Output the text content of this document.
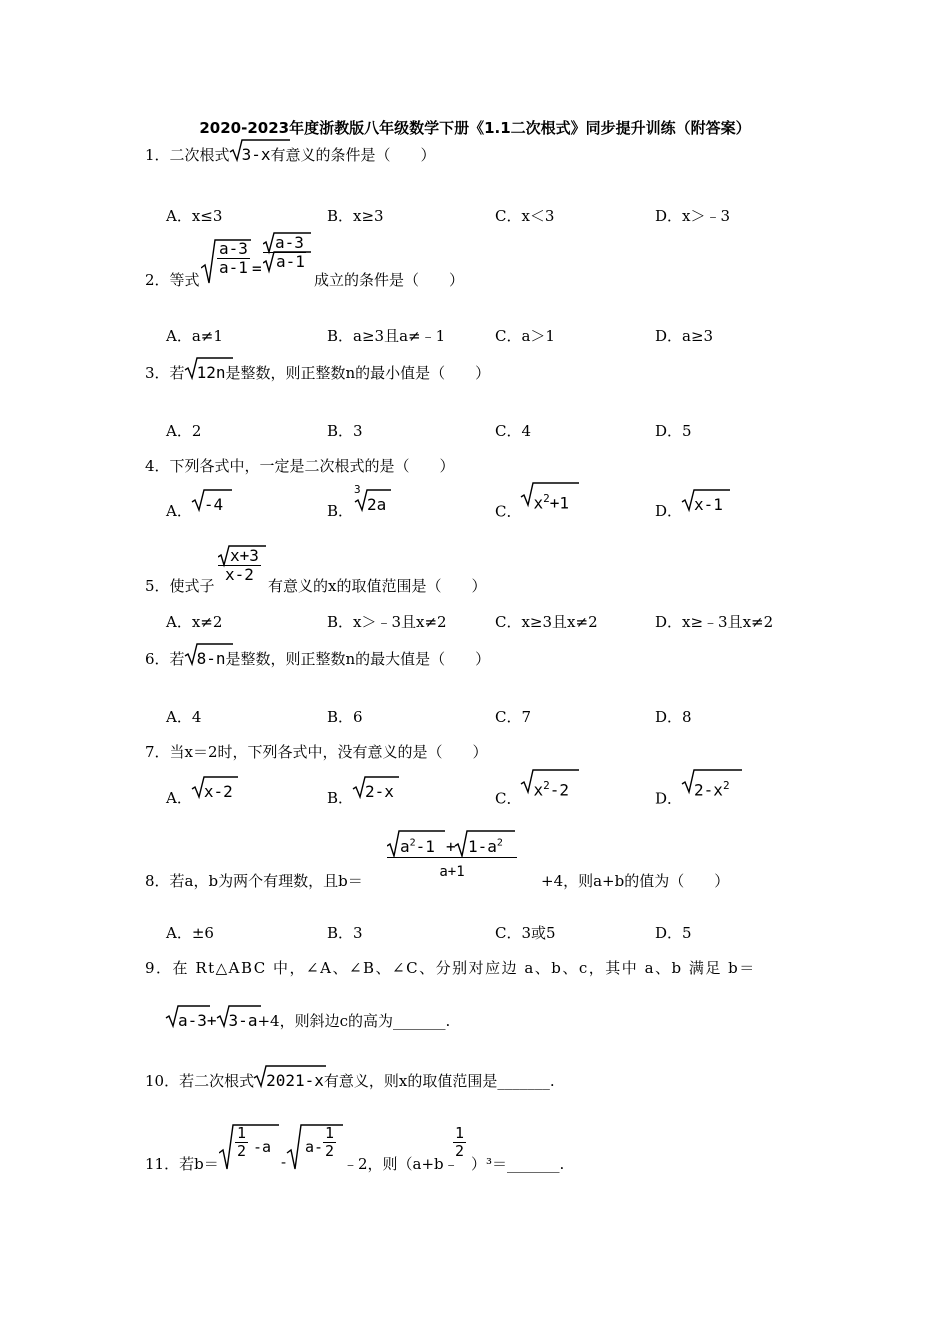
2020-2023年度浙教版八年级数学下册《1.1二次根式》同步提升训练（附答案）
1．二次根式 3-x有意义的条件是（　　）
A．x≤3	B．x≥3	C．x＜3	D．x＞﹣3
2．等式
$\frac{a-3}{a-1} = \frac{a-3}{a-1}$
成立的条件是（　　）
A．a≠1	B．a≥3且a≠﹣1	C．a＞1	D．a≥3
3．若 12n是整数，则正整数n的最小值是（　　）
A．2	B．3	C．4	D．5
4．下列各式中，一定是二次根式的是（　　）
A． -4	B．
3
2a	C． $x^2+1$	D． x-1
5．使式子
$\frac{x+3}{x-2}$
有意义的x的取值范围是（　　）
A．x≠2	B．x＞﹣3且x≠2	C．x≥3且x≠2	D．x≥﹣3且x≠2
6．若 8-n是整数，则正整数n的最大值是（　　）
A．4	B．6	C．7	D．8
7．当x＝2时，下列各式中，没有意义的是（　　）
A． x-2	B． 2-x	C． $x^2-2$	D． $2-x^2$
8．若a，b为两个有理数，且b＝
$a^2-1 + 1-a^2$
a+1	+4，则a+b的值为（　　）
A．±6	B．3	C．3或5	D．5
9．在 Rt△ABC 中，∠A、∠B、∠C、分别对应边 a、b、c，其中 a、b 满足 b＝
a-3+ 3-a+4，则斜边c的高为_______.
10．若二次根式 2021-x有意义，则x的取值范围是_______.
11．若b＝
$\frac{1}{2} -a$
-
$a- \frac{1}{2}$
﹣2，则（a+b﹣
$\frac{1}{2}$
）³＝_______.
